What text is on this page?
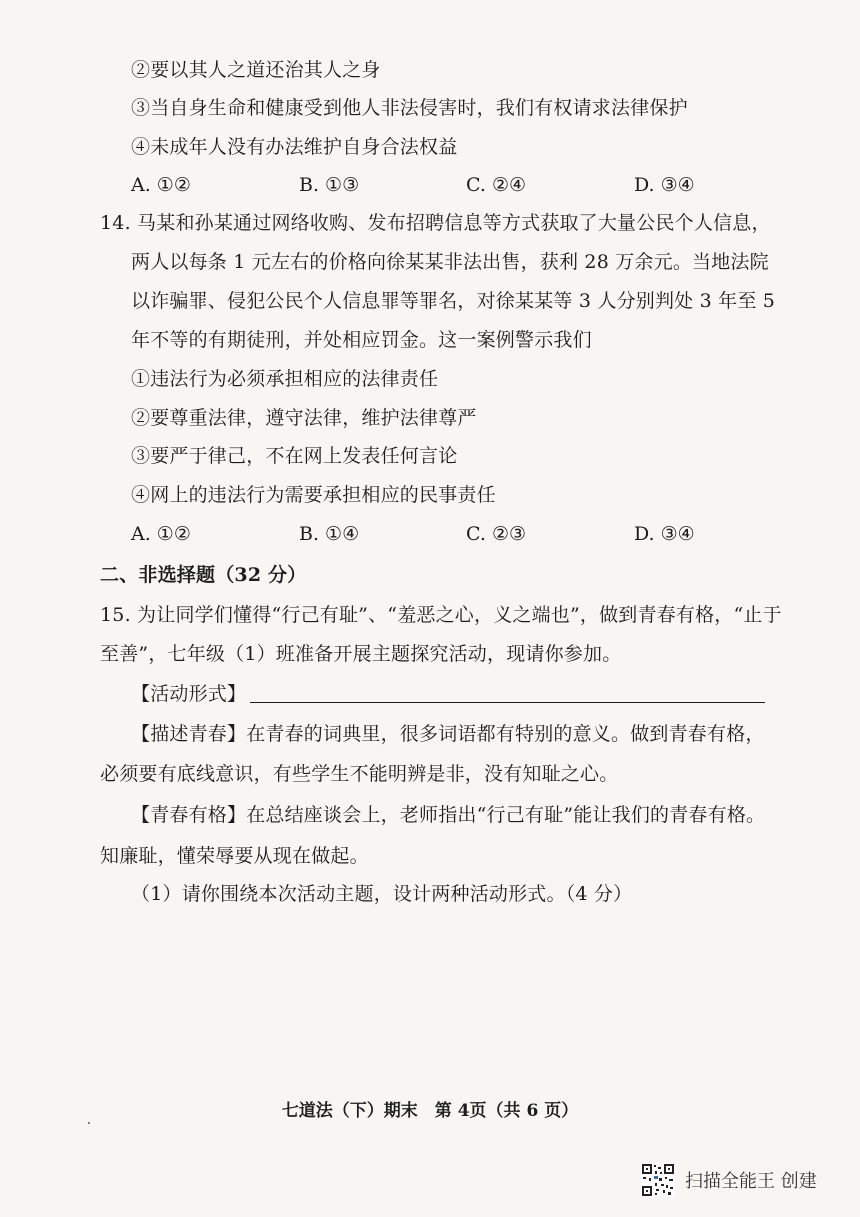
②要以其人之道还治其人之身
③当自身生命和健康受到他人非法侵害时，我们有权请求法律保护
④未成年人没有办法维护自身合法权益
A. ①②	B. ①③	C. ②④	D. ③④
14. 马某和孙某通过网络收购、发布招聘信息等方式获取了大量公民个人信息，
两人以每条 1 元左右的价格向徐某某非法出售，获利 28 万余元。当地法院
以诈骗罪、侵犯公民个人信息罪等罪名，对徐某某等 3 人分别判处 3 年至 5
年不等的有期徒刑，并处相应罚金。这一案例警示我们
①违法行为必须承担相应的法律责任
②要尊重法律，遵守法律，维护法律尊严
③要严于律己，不在网上发表任何言论
④网上的违法行为需要承担相应的民事责任
A. ①②	B. ①④	C. ②③	D. ③④
二、非选择题（32 分）
15. 为让同学们懂得“行己有耻”、“羞恶之心，义之端也”，做到青春有格，“止于
至善”，七年级（1）班准备开展主题探究活动，现请你参加。
【活动形式】
【描述青春】在青春的词典里，很多词语都有特别的意义。做到青春有格，
必须要有底线意识，有些学生不能明辨是非，没有知耻之心。
【青春有格】在总结座谈会上，老师指出“行己有耻”能让我们的青春有格。
知廉耻，懂荣辱要从现在做起。
（1）请你围绕本次活动主题，设计两种活动形式。（4 分）
七道法（下）期末　第 4页（共 6 页）
扫描全能王 创建
